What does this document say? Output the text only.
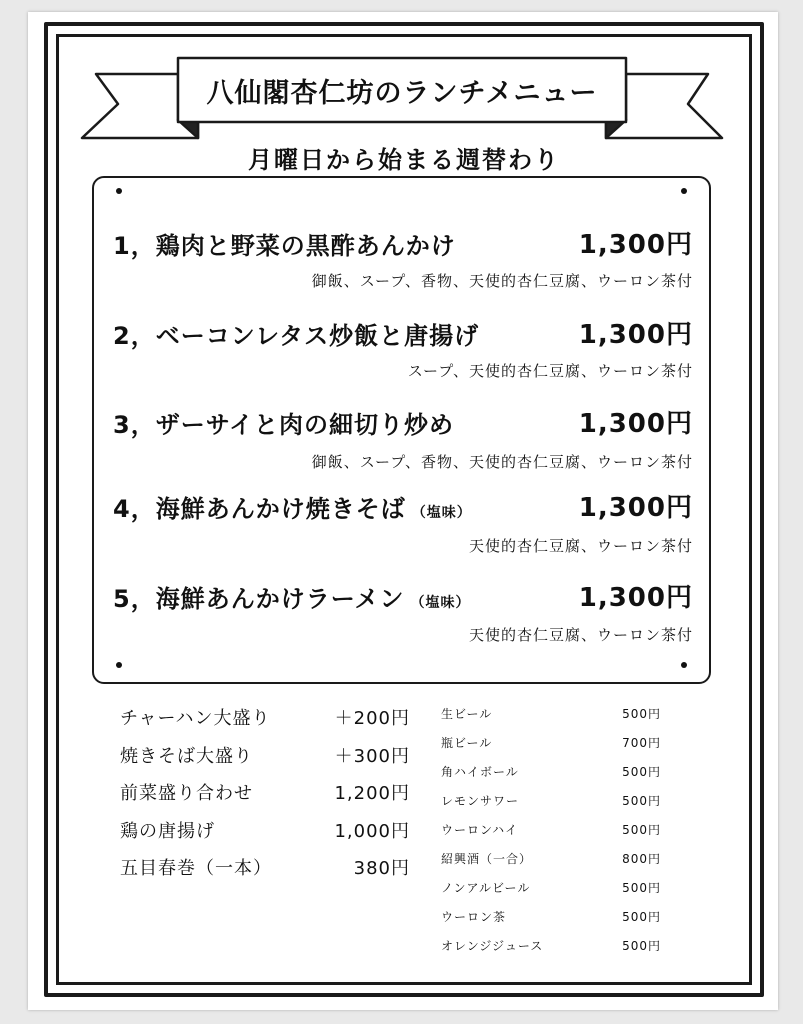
八仙閣杏仁坊のランチメニュー
月曜日から始まる週替わり
1，鶏肉と野菜の黒酢あんかけ	1,300円
御飯、スープ、香物、天使的杏仁豆腐、ウーロン茶付
2，ベーコンレタス炒飯と唐揚げ	1,300円
スープ、天使的杏仁豆腐、ウーロン茶付
3，ザーサイと肉の細切り炒め	1,300円
御飯、スープ、香物、天使的杏仁豆腐、ウーロン茶付
4，海鮮あんかけ焼きそば （塩味）	1,300円
天使的杏仁豆腐、ウーロン茶付
5，海鮮あんかけラーメン （塩味）	1,300円
天使的杏仁豆腐、ウーロン茶付
チャーハン大盛り	＋200円
焼きそば大盛り	＋300円
前菜盛り合わせ	1,200円
鶏の唐揚げ	1,000円
五目春巻（一本）	380円
生ビール	500円
瓶ビール	700円
角ハイボール	500円
レモンサワー	500円
ウーロンハイ	500円
紹興酒（一合）	800円
ノンアルビール	500円
ウーロン茶	500円
オレンジジュース	500円
